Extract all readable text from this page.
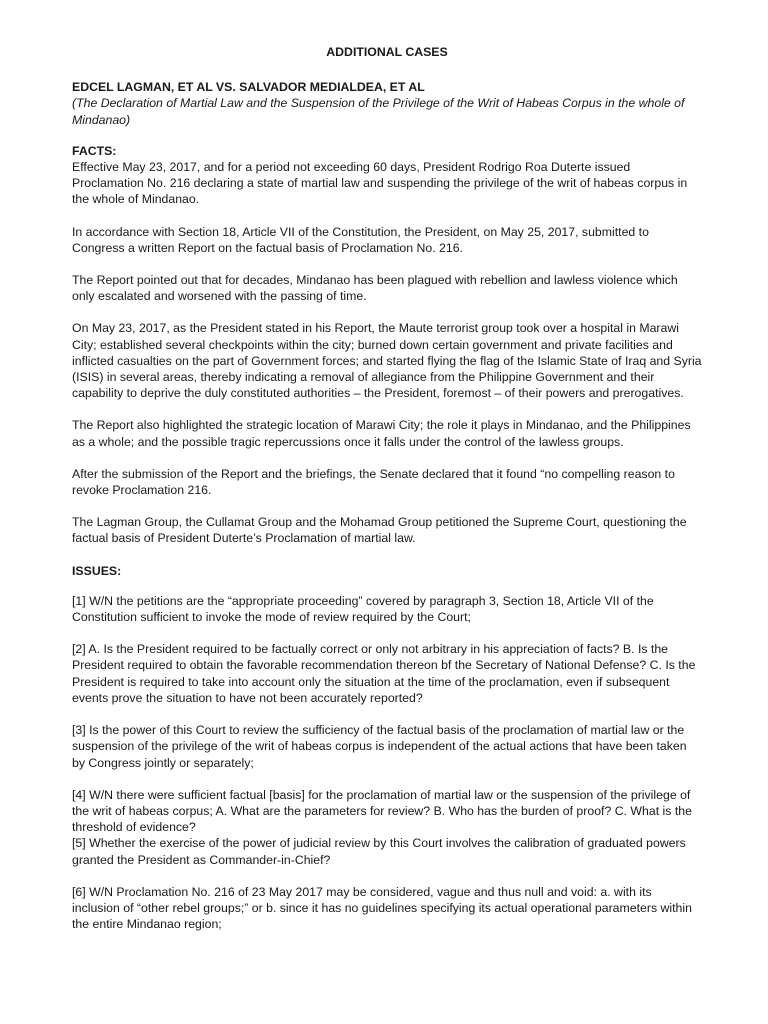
ADDITIONAL CASES
EDCEL LAGMAN, ET AL VS. SALVADOR MEDIALDEA, ET AL
(The Declaration of Martial Law and the Suspension of the Privilege of the Writ of Habeas Corpus in the whole of Mindanao)
FACTS:

Effective May 23, 2017, and for a period not exceeding 60 days, President Rodrigo Roa Duterte issued Proclamation No. 216 declaring a state of martial law and suspending the privilege of the writ of habeas corpus in the whole of Mindanao.

In accordance with Section 18, Article VII of the Constitution, the President, on May 25, 2017, submitted to Congress a written Report on the factual basis of Proclamation No. 216.

The Report pointed out that for decades, Mindanao has been plagued with rebellion and lawless violence which only escalated and worsened with the passing of time.

On May 23, 2017, as the President stated in his Report, the Maute terrorist group took over a hospital in Marawi City; established several checkpoints within the city; burned down certain government and private facilities and inflicted casualties on the part of Government forces; and started flying the flag of the Islamic State of Iraq and Syria (ISIS) in several areas, thereby indicating a removal of allegiance from the Philippine Government and their capability to deprive the duly constituted authorities – the President, foremost – of their powers and prerogatives.

The Report also highlighted the strategic location of Marawi City; the role it plays in Mindanao, and the Philippines as a whole; and the possible tragic repercussions once it falls under the control of the lawless groups.

After the submission of the Report and the briefings, the Senate declared that it found “no compelling reason to revoke Proclamation 216.

The Lagman Group, the Cullamat Group and the Mohamad Group petitioned the Supreme Court, questioning the factual basis of President Duterte’s Proclamation of martial law.

ISSUES:

[1] W/N the petitions are the “appropriate proceeding” covered by paragraph 3, Section 18, Article VII of the Constitution sufficient to invoke the mode of review required by the Court;

[2] A. Is the President required to be factually correct or only not arbitrary in his appreciation of facts? B. Is the President required to obtain the favorable recommendation thereon bf the Secretary of National Defense? C. Is the President is required to take into account only the situation at the time of the proclamation, even if subsequent events prove the situation to have not been accurately reported?

[3] Is the power of this Court to review the sufficiency of the factual basis of the proclamation of martial law or the suspension of the privilege of the writ of habeas corpus is independent of the actual actions that have been taken by Congress jointly or separately;

[4] W/N there were sufficient factual [basis] for the proclamation of martial law or the suspension of the privilege of the writ of habeas corpus; A. What are the parameters for review? B. Who has the burden of proof? C. What is the threshold of evidence?

[5] Whether the exercise of the power of judicial review by this Court involves the calibration of graduated powers granted the President as Commander-in-Chief?

[6] W/N Proclamation No. 216 of 23 May 2017 may be considered, vague and thus null and void: a. with its inclusion of “other rebel groups;” or b. since it has no guidelines specifying its actual operational parameters within the entire Mindanao region;
